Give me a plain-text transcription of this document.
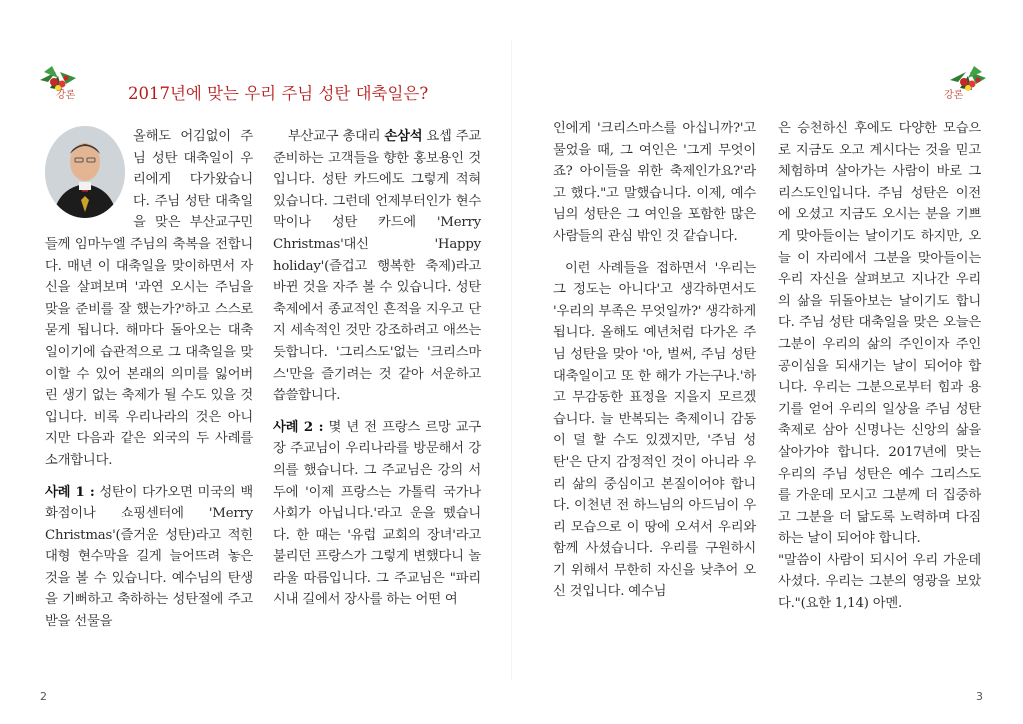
강론	2017년에 맞는 우리 주님 성탄 대축일은?	강론

올해도 어김없이 주님 성탄 대축일이 우리에게 다가왔습니다. 주님 성탄 대축일을 맞은 부산교구민들께 임마누엘 주님의 축복을 전합니다. 매년 이 대축일을 맞이하면서 자신을 살펴보며 '과연 오시는 주님을 맞을 준비를 잘 했는가?'하고 스스로 묻게 됩니다. 해마다 돌아오는 대축일이기에 습관적으로 그 대축일을 맞이할 수 있어 본래의 의미를 잃어버린 생기 없는 축제가 될 수도 있을 것입니다. 비록 우리나라의 것은 아니지만 다음과 같은 외국의 두 사례를 소개합니다.

사례 1 : 성탄이 다가오면 미국의 백화점이나 쇼핑센터에 'Merry Christmas'(즐거운 성탄)라고 적힌 대형 현수막을 길게 늘어뜨려 놓은 것을 볼 수 있습니다. 예수님의 탄생을 기뻐하고 축하하는 성탄절에 주고받을 선물을

부산교구 총대리 손삼석 요셉 주교

준비하는 고객들을 향한 홍보용인 것입니다. 성탄 카드에도 그렇게 적혀 있습니다. 그런데 언제부터인가 현수막이나 성탄 카드에 'Merry Christmas'대신 'Happy holiday'(즐겁고 행복한 축제)라고 바뀐 것을 자주 볼 수 있습니다. 성탄 축제에서 종교적인 흔적을 지우고 단지 세속적인 것만 강조하려고 애쓰는 듯합니다. '그리스도'없는 '크리스마스'만을 즐기려는 것 같아 서운하고 씁쓸합니다.

사례 2 : 몇 년 전 프랑스 르망 교구장 주교님이 우리나라를 방문해서 강의를 했습니다. 그 주교님은 강의 서두에 '이제 프랑스는 가톨릭 국가나 사회가 아닙니다.'라고 운을 뗐습니다. 한 때는 '유럽 교회의 장녀'라고 불리던 프랑스가 그렇게 변했다니 놀라울 따름입니다. 그 주교님은 "파리 시내 길에서 장사를 하는 어떤 여

인에게 '크리스마스를 아십니까?'고 물었을 때, 그 여인은 '그게 무엇이죠? 아이들을 위한 축제인가요?'라고 했다."고 말했습니다. 이제, 예수님의 성탄은 그 여인을 포함한 많은 사람들의 관심 밖인 것 같습니다.

이런 사례들을 접하면서 '우리는 그 정도는 아니다'고 생각하면서도 '우리의 부족은 무엇일까?' 생각하게 됩니다. 올해도 예년처럼 다가온 주님 성탄을 맞아 '아, 벌써, 주님 성탄 대축일이고 또 한 해가 가는구나.'하고 무감동한 표정을 지을지 모르겠습니다. 늘 반복되는 축제이니 감동이 덜 할 수도 있겠지만, '주님 성탄'은 단지 감정적인 것이 아니라 우리 삶의 중심이고 본질이어야 합니다. 이천년 전 하느님의 아드님이 우리 모습으로 이 땅에 오셔서 우리와 함께 사셨습니다. 우리를 구원하시기 위해서 무한히 자신을 낮추어 오신 것입니다. 예수님

은 승천하신 후에도 다양한 모습으로 지금도 오고 계시다는 것을 믿고 체험하며 살아가는 사람이 바로 그리스도인입니다. 주님 성탄은 이전에 오셨고 지금도 오시는 분을 기쁘게 맞아들이는 날이기도 하지만, 오늘 이 자리에서 그분을 맞아들이는 우리 자신을 살펴보고 지나간 우리의 삶을 뒤돌아보는 날이기도 합니다. 주님 성탄 대축일을 맞은 오늘은 그분이 우리의 삶의 주인이자 주인공이심을 되새기는 날이 되어야 합니다. 우리는 그분으로부터 힘과 용기를 얻어 우리의 일상을 주님 성탄 축제로 삼아 신명나는 신앙의 삶을 살아가야 합니다. 2017년에 맞는 우리의 주님 성탄은 예수 그리스도를 가운데 모시고 그분께 더 집중하고 그분을 더 닮도록 노력하며 다짐하는 날이 되어야 합니다.

"말씀이 사람이 되시어 우리 가운데 사셨다. 우리는 그분의 영광을 보았다."(요한 1,14) 아멘.

2	3
